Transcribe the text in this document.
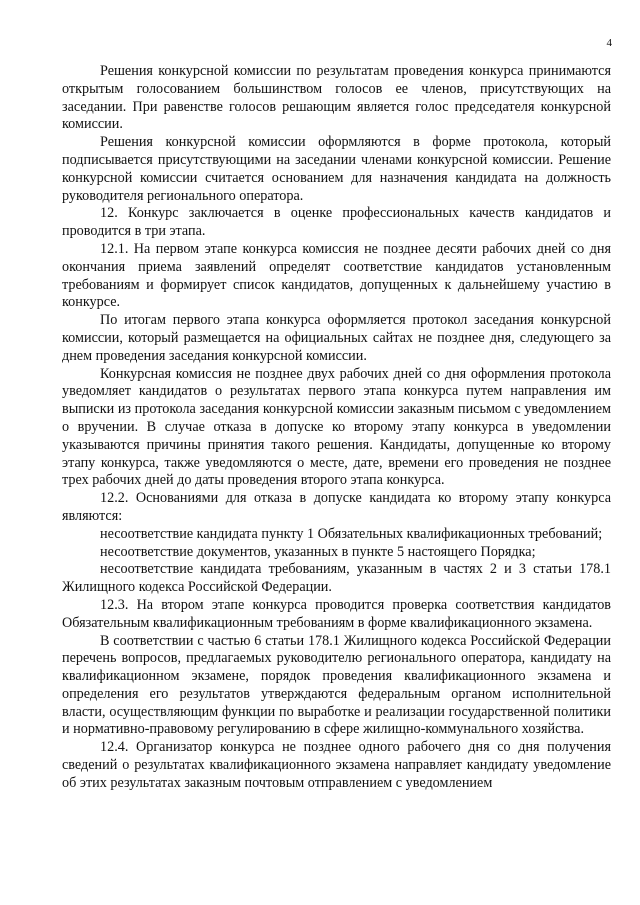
4

Решения конкурсной комиссии по результатам проведения конкурса принимаются открытым голосованием большинством голосов ее членов, присутствующих на заседании. При равенстве голосов решающим является голос председателя конкурсной комиссии.

Решения конкурсной комиссии оформляются в форме протокола, который подписывается присутствующими на заседании членами конкурсной комиссии. Решение конкурсной комиссии считается основанием для назначения кандидата на должность руководителя регионального оператора.

12. Конкурс заключается в оценке профессиональных качеств кандидатов и проводится в три этапа.

12.1. На первом этапе конкурса комиссия не позднее десяти рабочих дней со дня окончания приема заявлений определят соответствие кандидатов установленным требованиям и формирует список кандидатов, допущенных к дальнейшему участию в конкурсе.

По итогам первого этапа конкурса оформляется протокол заседания конкурсной комиссии, который размещается на официальных сайтах не позднее дня, следующего за днем проведения заседания конкурсной комиссии.

Конкурсная комиссия не позднее двух рабочих дней со дня оформления протокола уведомляет кандидатов о результатах первого этапа конкурса путем направления им выписки из протокола заседания конкурсной комиссии заказным письмом с уведомлением о вручении. В случае отказа в допуске ко второму этапу конкурса в уведомлении указываются причины принятия такого решения. Кандидаты, допущенные ко второму этапу конкурса, также уведомляются о месте, дате, времени его проведения не позднее трех рабочих дней до даты проведения второго этапа конкурса.

12.2. Основаниями для отказа в допуске кандидата ко второму этапу конкурса являются:

несоответствие кандидата пункту 1 Обязательных квалификационных требований;

несоответствие документов, указанных в пункте 5 настоящего Порядка;

несоответствие кандидата требованиям, указанным в частях 2 и 3 статьи 178.1 Жилищного кодекса Российской Федерации.

12.3. На втором этапе конкурса проводится проверка соответствия кандидатов Обязательным квалификационным требованиям в форме квалификационного экзамена.

В соответствии с частью 6 статьи 178.1 Жилищного кодекса Российской Федерации перечень вопросов, предлагаемых руководителю регионального оператора, кандидату на квалификационном экзамене, порядок проведения квалификационного экзамена и определения его результатов утверждаются федеральным органом исполнительной власти, осуществляющим функции по выработке и реализации государственной политики и нормативно-правовому регулированию в сфере жилищно-коммунального хозяйства.

12.4. Организатор конкурса не позднее одного рабочего дня со дня получения сведений о результатах квалификационного экзамена направляет кандидату уведомление об этих результатах заказным почтовым отправлением с уведомлением
